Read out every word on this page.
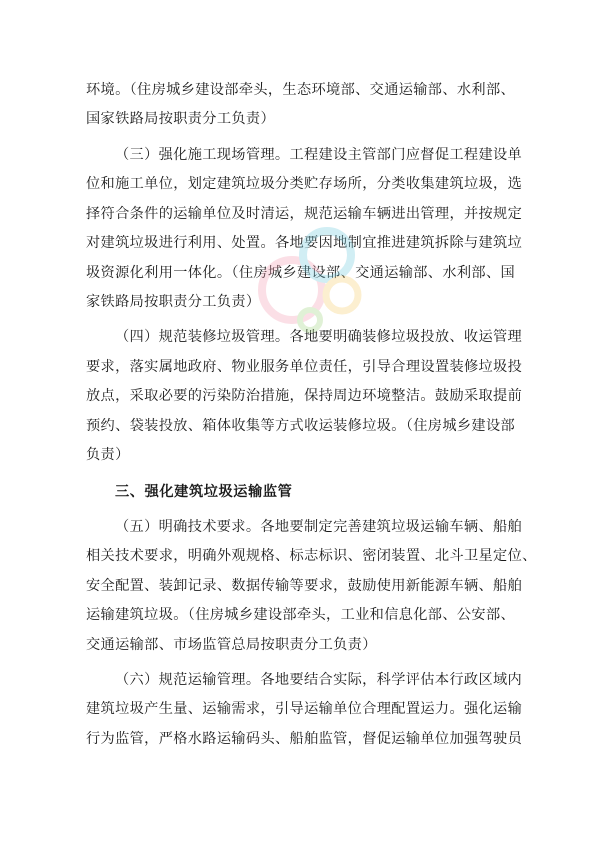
环境。（住房城乡建设部牵头，生态环境部、交通运输部、水利部、
国家铁路局按职责分工负责）
（三）强化施工现场管理。工程建设主管部门应督促工程建设单
位和施工单位，划定建筑垃圾分类贮存场所，分类收集建筑垃圾，选
择符合条件的运输单位及时清运，规范运输车辆进出管理，并按规定
对建筑垃圾进行利用、处置。各地要因地制宜推进建筑拆除与建筑垃
圾资源化利用一体化。（住房城乡建设部、交通运输部、水利部、国
家铁路局按职责分工负责）
（四）规范装修垃圾管理。各地要明确装修垃圾投放、收运管理
要求，落实属地政府、物业服务单位责任，引导合理设置装修垃圾投
放点，采取必要的污染防治措施，保持周边环境整洁。鼓励采取提前
预约、袋装投放、箱体收集等方式收运装修垃圾。（住房城乡建设部
负责）
三、强化建筑垃圾运输监管
（五）明确技术要求。各地要制定完善建筑垃圾运输车辆、船舶
相关技术要求，明确外观规格、标志标识、密闭装置、北斗卫星定位、
安全配置、装卸记录、数据传输等要求，鼓励使用新能源车辆、船舶
运输建筑垃圾。（住房城乡建设部牵头，工业和信息化部、公安部、
交通运输部、市场监管总局按职责分工负责）
（六）规范运输管理。各地要结合实际，科学评估本行政区域内
建筑垃圾产生量、运输需求，引导运输单位合理配置运力。强化运输
行为监管，严格水路运输码头、船舶监管，督促运输单位加强驾驶员
